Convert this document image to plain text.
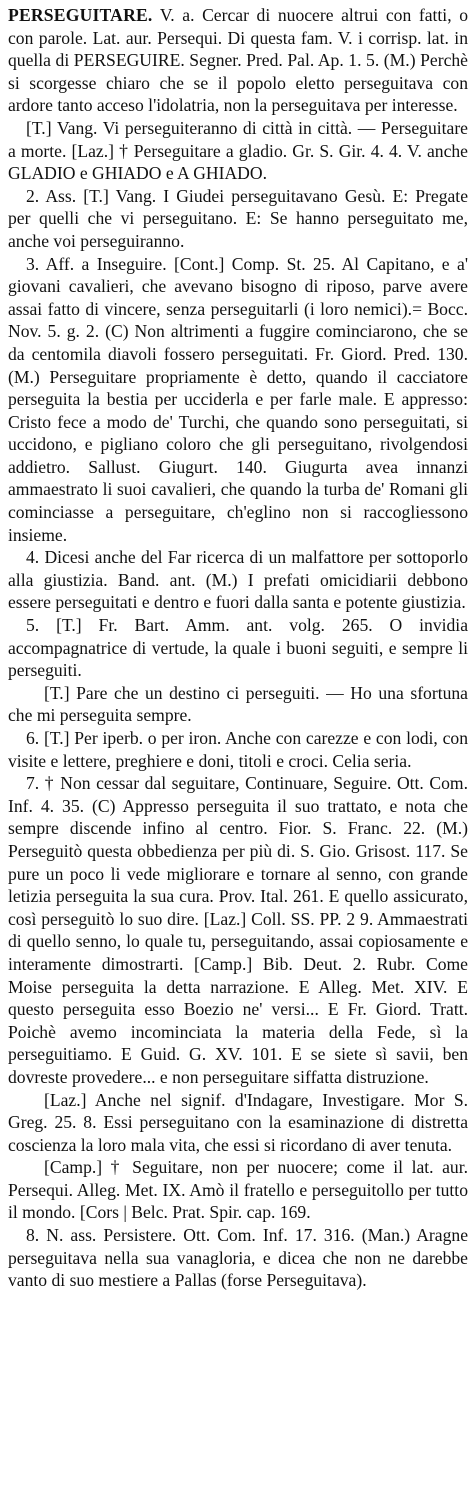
PERSEGUITARE. V. a. Cercar di nuocere altrui con fatti, o con parole. Lat. aur. Persequi. Di questa fam. V. i corrisp. lat. in quella di PERSEGUIRE. Segner. Pred. Pal. Ap. 1. 5. (M.) Perchè si scorgesse chiaro che se il popolo eletto perseguitava con ardore tanto acceso l'idolatria, non la perseguitava per interesse.

[T.] Vang. Vi perseguiteranno di città in città. — Perseguitare a morte. [Laz.] † Perseguitare a gladio. Gr. S. Gir. 4. 4. V. anche GLADIO e GHIADO e A GHIADO.

2. Ass. [T.] Vang. I Giudei perseguitavano Gesù. E: Pregate per quelli che vi perseguitano. E: Se hanno perseguitato me, anche voi perseguiranno.

3. Aff. a Inseguire. [Cont.] Comp. St. 25. Al Capitano, e a' giovani cavalieri, che avevano bisogno di riposo, parve avere assai fatto di vincere, senza perseguitarli (i loro nemici).= Bocc. Nov. 5. g. 2. (C) Non altrimenti a fuggire cominciarono, che se da centomila diavoli fossero perseguitati. Fr. Giord. Pred. 130. (M.) Perseguitare propriamente è detto, quando il cacciatore perseguita la bestia per ucciderla e per farle male. E appresso: Cristo fece a modo de' Turchi, che quando sono perseguitati, si uccidono, e pigliano coloro che gli perseguitano, rivolgendosi addietro. Sallust. Giugurt. 140. Giugurta avea innanzi ammaestrato li suoi cavalieri, che quando la turba de' Romani gli cominciasse a perseguitare, ch'eglino non si raccogliessono insieme.

4. Dicesi anche del Far ricerca di un malfattore per sottoporlo alla giustizia. Band. ant. (M.) I prefati omicidiarii debbono essere perseguitati e dentro e fuori dalla santa e potente giustizia.

5. [T.] Fr. Bart. Amm. ant. volg. 265. O invidia accompagnatrice di vertude, la quale i buoni seguiti, e sempre li perseguiti.

[T.] Pare che un destino ci perseguiti. — Ho una sfortuna che mi perseguita sempre.

6. [T.] Per iperb. o per iron. Anche con carezze e con lodi, con visite e lettere, preghiere e doni, titoli e croci. Celia seria.

7. † Non cessar dal seguitare, Continuare, Seguire. Ott. Com. Inf. 4. 35. (C) Appresso perseguita il suo trattato, e nota che sempre discende infino al centro. Fior. S. Franc. 22. (M.) Perseguitò questa obbedienza per più di. S. Gio. Grisost. 117. Se pure un poco li vede migliorare e tornare al senno, con grande letizia perseguita la sua cura. Prov. Ital. 261. E quello assicurato, così perseguitò lo suo dire. [Laz.] Coll. SS. PP. 2 9. Ammaestrati di quello senno, lo quale tu, perseguitando, assai copiosamente e interamente dimostrarti. [Camp.] Bib. Deut. 2. Rubr. Come Moise perseguita la detta narrazione. E Alleg. Met. XIV. E questo perseguita esso Boezio ne' versi... E Fr. Giord. Tratt. Poichè avemo incominciata la materia della Fede, sì la perseguitiamo. E Guid. G. XV. 101. E se siete sì savii, ben dovreste provedere... e non perseguitare siffatta distruzione.

[Laz.] Anche nel signif. d'Indagare, Investigare. Mor S. Greg. 25. 8. Essi perseguitano con la esaminazione di distretta coscienza la loro mala vita, che essi si ricordano di aver tenuta.

[Camp.] † Seguitare, non per nuocere; come il lat. aur. Persequi. Alleg. Met. IX. Amò il fratello e perseguitollo per tutto il mondo. [Cors | Belc. Prat. Spir. cap. 169.

8. N. ass. Persistere. Ott. Com. Inf. 17. 316. (Man.) Aragne perseguitava nella sua vanagloria, e dicea che non ne darebbe vanto di suo mestiere a Pallas (forse Perseguitava).
